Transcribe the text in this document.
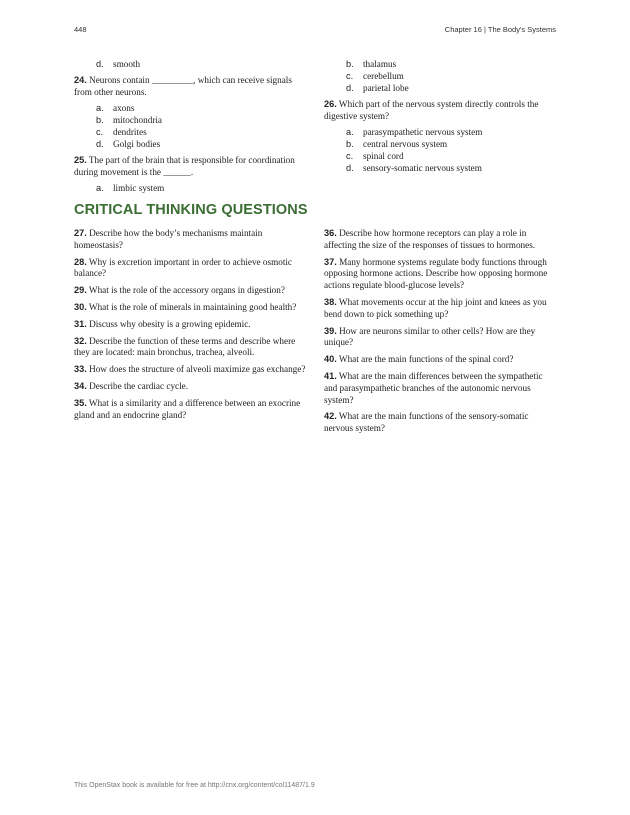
448	Chapter 16 | The Body's Systems
d.	smooth

24. Neurons contain _________, which can receive signals from other neurons.

a.	axons
b.	mitochondria
c.	dendrites
d.	Golgi bodies

25. The part of the brain that is responsible for coordination during movement is the ______.

a.	limbic system
b.	thalamus
c.	cerebellum
d.	parietal lobe

26. Which part of the nervous system directly controls the digestive system?

a.	parasympathetic nervous system
b.	central nervous system
c.	spinal cord
d.	sensory-somatic nervous system
CRITICAL THINKING QUESTIONS

27. Describe how the body’s mechanisms maintain homeostasis?

28. Why is excretion important in order to achieve osmotic balance?

29. What is the role of the accessory organs in digestion?

30. What is the role of minerals in maintaining good health?

31. Discuss why obesity is a growing epidemic.

32. Describe the function of these terms and describe where they are located: main bronchus, trachea, alveoli.

33. How does the structure of alveoli maximize gas exchange?

34. Describe the cardiac cycle.

35. What is a similarity and a difference between an exocrine gland and an endocrine gland?

36. Describe how hormone receptors can play a role in affecting the size of the responses of tissues to hormones.

37. Many hormone systems regulate body functions through opposing hormone actions. Describe how opposing hormone actions regulate blood-glucose levels?

38. What movements occur at the hip joint and knees as you bend down to pick something up?

39. How are neurons similar to other cells? How are they unique?

40. What are the main functions of the spinal cord?

41. What are the main differences between the sympathetic and parasympathetic branches of the autonomic nervous system?

42. What are the main functions of the sensory-somatic nervous system?

This OpenStax book is available for free at http://cnx.org/content/col11487/1.9
